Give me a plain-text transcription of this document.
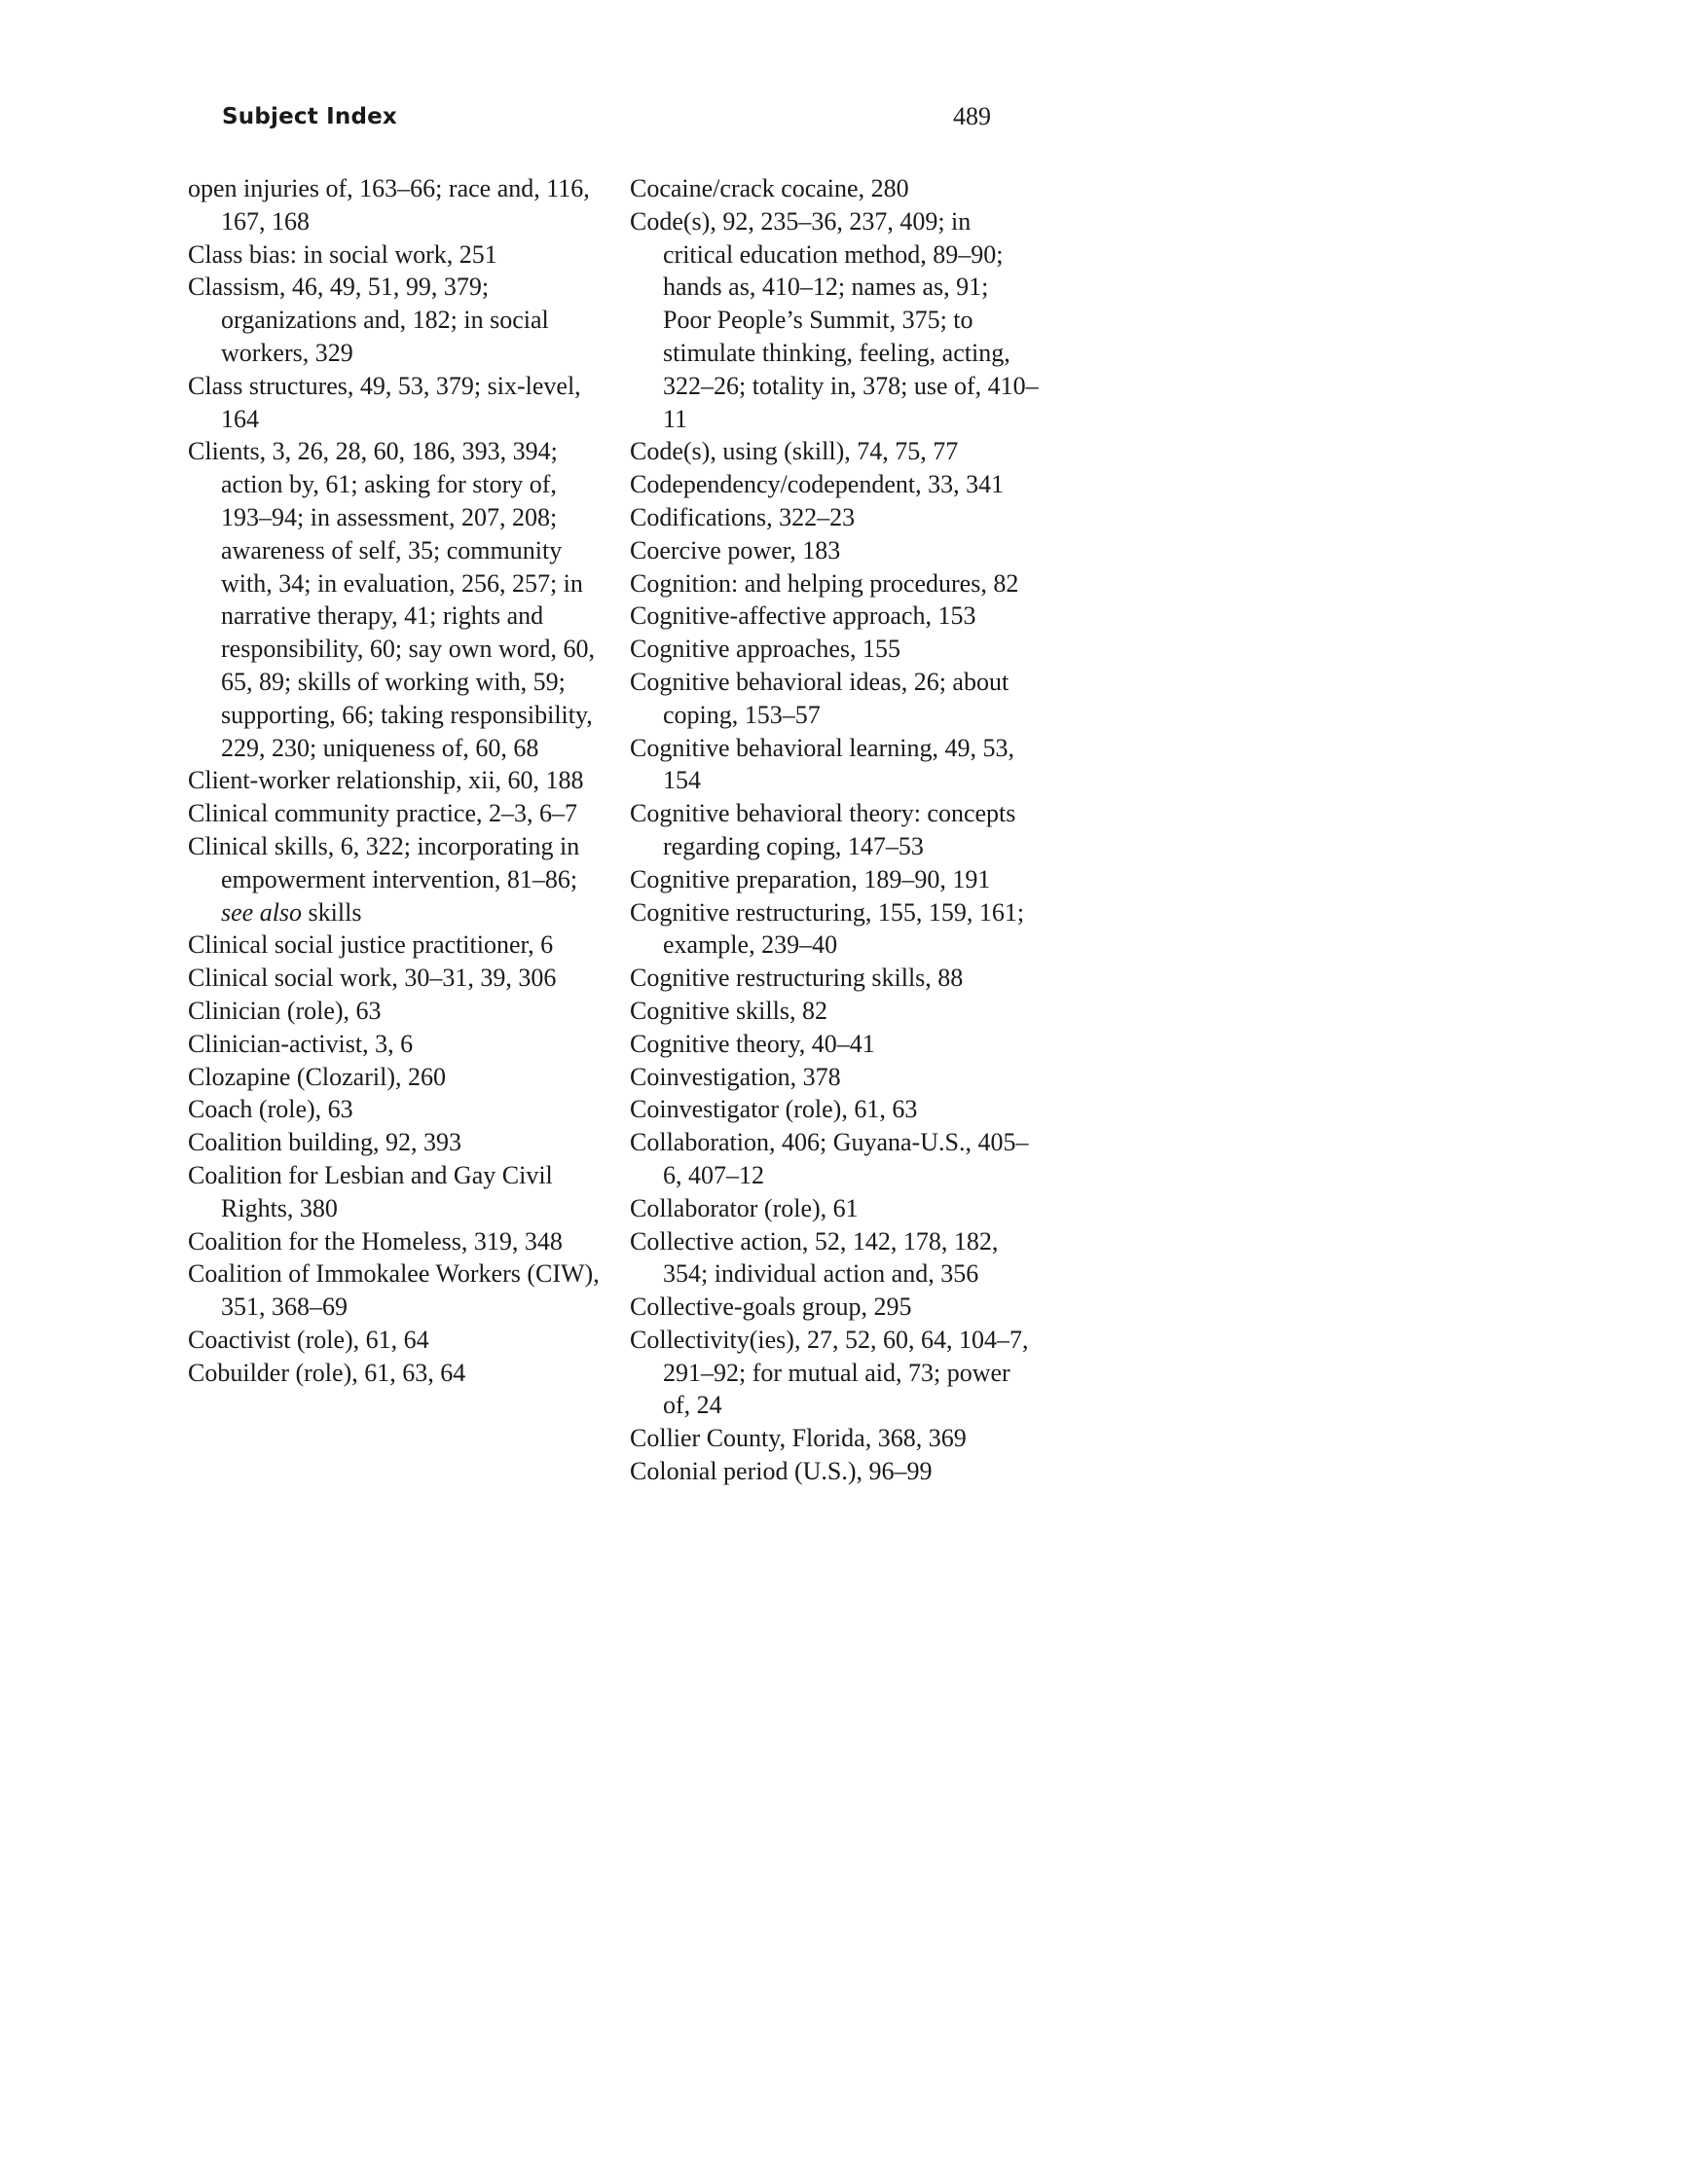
Subject Index	489
open injuries of, 163–66; race and, 116, 167, 168
Class bias: in social work, 251
Classism, 46, 49, 51, 99, 379; organizations and, 182; in social workers, 329
Class structures, 49, 53, 379; six-level, 164
Clients, 3, 26, 28, 60, 186, 393, 394; action by, 61; asking for story of, 193–94; in assessment, 207, 208; awareness of self, 35; community with, 34; in evaluation, 256, 257; in narrative therapy, 41; rights and responsibility, 60; say own word, 60, 65, 89; skills of working with, 59; supporting, 66; taking responsibility, 229, 230; uniqueness of, 60, 68
Client-worker relationship, xii, 60, 188
Clinical community practice, 2–3, 6–7
Clinical skills, 6, 322; incorporating in empowerment intervention, 81–86; see also skills
Clinical social justice practitioner, 6
Clinical social work, 30–31, 39, 306
Clinician (role), 63
Clinician-activist, 3, 6
Clozapine (Clozaril), 260
Coach (role), 63
Coalition building, 92, 393
Coalition for Lesbian and Gay Civil Rights, 380
Coalition for the Homeless, 319, 348
Coalition of Immokalee Workers (CIW), 351, 368–69
Coactivist (role), 61, 64
Cobuilder (role), 61, 63, 64
Cocaine/crack cocaine, 280
Code(s), 92, 235–36, 237, 409; in critical education method, 89–90; hands as, 410–12; names as, 91; Poor People’s Summit, 375; to stimulate thinking, feeling, acting, 322–26; totality in, 378; use of, 410–11
Code(s), using (skill), 74, 75, 77
Codependency/codependent, 33, 341
Codifications, 322–23
Coercive power, 183
Cognition: and helping procedures, 82
Cognitive-affective approach, 153
Cognitive approaches, 155
Cognitive behavioral ideas, 26; about coping, 153–57
Cognitive behavioral learning, 49, 53, 154
Cognitive behavioral theory: concepts regarding coping, 147–53
Cognitive preparation, 189–90, 191
Cognitive restructuring, 155, 159, 161; example, 239–40
Cognitive restructuring skills, 88
Cognitive skills, 82
Cognitive theory, 40–41
Coinvestigation, 378
Coinvestigator (role), 61, 63
Collaboration, 406; Guyana-U.S., 405–6, 407–12
Collaborator (role), 61
Collective action, 52, 142, 178, 182, 354; individual action and, 356
Collective-goals group, 295
Collectivity(ies), 27, 52, 60, 64, 104–7, 291–92; for mutual aid, 73; power of, 24
Collier County, Florida, 368, 369
Colonial period (U.S.), 96–99
